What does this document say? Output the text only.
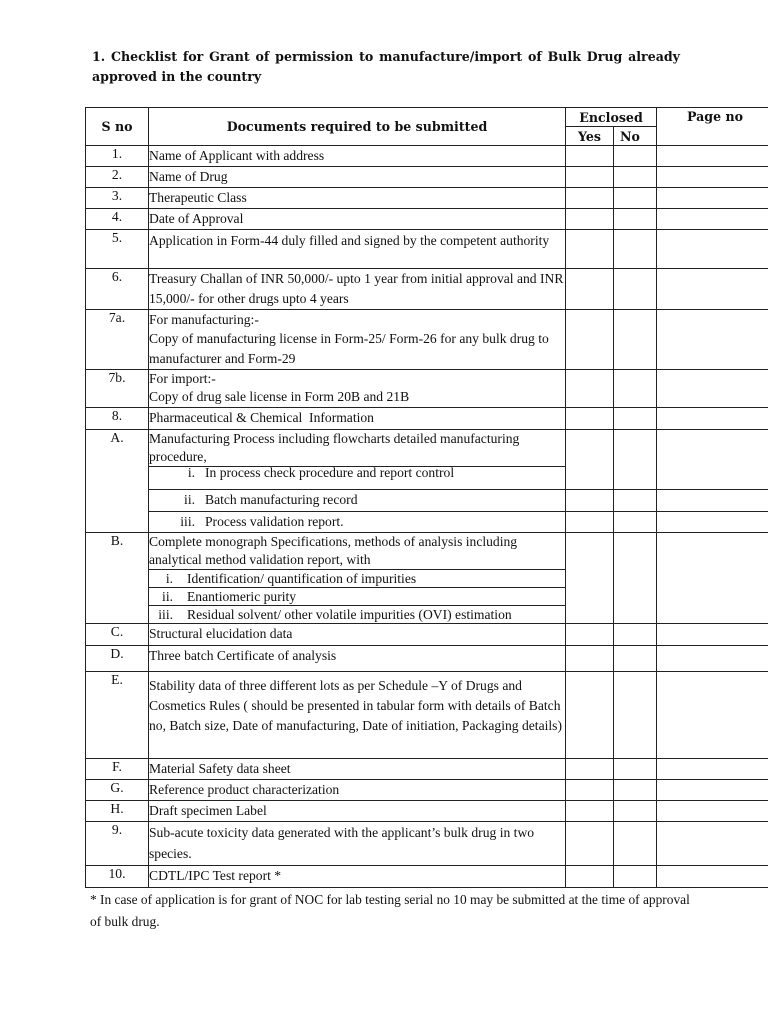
1. Checklist for Grant of permission to manufacture/import of Bulk Drug already approved in the country
S no	Documents required to be submitted	Enclosed		Page no
		Yes	No	
1.	Name of Applicant with address			
2.	Name of Drug			
3.	Therapeutic Class			
4.	Date of Approval			
5.	Application in Form-44 duly filled and signed by the competent authority			
6.	Treasury Challan of INR 50,000/- upto 1 year from initial approval and INR 15,000/- for other drugs upto 4 years			
7a.	For manufacturing:-
Copy of manufacturing license in Form-25/ Form-26 for any bulk drug to manufacturer and Form-29			

7b.	For import:-
Copy of drug sale license in Form 20B and 21B			

8.	Pharmaceutical & Chemical  Information			
A.	Manufacturing Process including flowcharts detailed manufacturing procedure,			

	i. In process check procedure and report control			

	ii. Batch manufacturing record			

	iii. Process validation report.			

B.	Complete monograph Specifications, methods of analysis including analytical method validation report, with			

	i. Identification/ quantification of impurities			

	ii. Enantiomeric purity			

	iii. Residual solvent/ other volatile impurities (OVI) estimation			

C.	Structural elucidation data			
D.	Three batch Certificate of analysis			
E.	Stability data of three different lots as per Schedule –Y of Drugs and Cosmetics Rules ( should be presented in tabular form with details of Batch no, Batch size, Date of manufacturing, Date of initiation, Packaging details)			
F.	Material Safety data sheet			
G.	Reference product characterization			
H.	Draft specimen Label			
9.	Sub-acute toxicity data generated with the applicant’s bulk drug in two species.			
10.	CDTL/IPC Test report *			
* In case of application is for grant of NOC for lab testing serial no 10 may be submitted at the time of approval of bulk drug.
